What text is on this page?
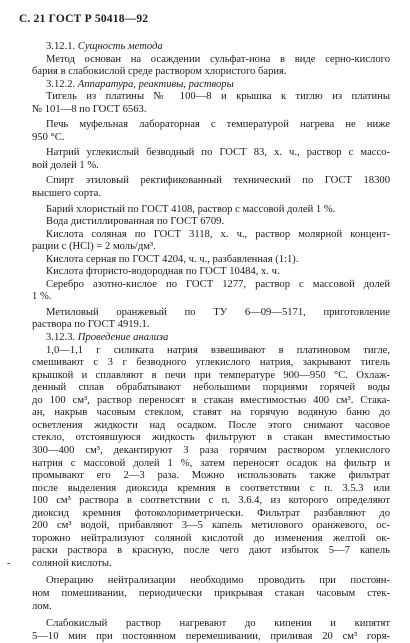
С. 21 ГОСТ Р 50418—92
3.12.1. Сущность метода
Метод основан на осаждении сульфат-иона в виде серно-кислого
бария в слабокислой среде раствором хлористого бария.
3.12.2. Аппаратура, реактивы, растворы
Тигель из платины № 100—8 и крышка к тиглю из платины
№ 101—8 по ГОСТ 6563.
Печь муфельная лабораторная с температурой нагрева не ниже
950 °С.
Натрий углекислый безводный по ГОСТ 83, х. ч., раствор с массо-
вой долей 1 %.
Спирт этиловый ректификованный технический по ГОСТ 18300
высшего сорта.
Барий хлористый по ГОСТ 4108, раствор с массовой долей 1 %.
Вода дистиллированная по ГОСТ 6709.
Кислота соляная по ГОСТ 3118, х. ч., раствор молярной концент-
рации с (HCl) = 2 моль/дм³.
Кислота серная по ГОСТ 4204, ч. ч., разбавленная (1:1).
Кислота фтористо-водородная по ГОСТ 10484, х. ч.
Серебро азотно-кислое по ГОСТ 1277, раствор с массовой долей
1 %.
Метиловый оранжевый по ТУ 6—09—5171, приготовление
раствора по ГОСТ 4919.1.
3.12.3. Проведение анализа
1,0—1,1 г силиката натрия взвешивают в платиновом тигле,
смешивают с 3 г безводного углекислого натрия, закрывают тигель
крышкой и сплавляют в печи при температуре 900—950 °С. Охлаж-
денный сплав обрабатывают небольшими порциями горячей воды
до 100 см³, раствор переносят в стакан вместимостью 400 см³. Стака-
ан, накрыв часовым стеклом, ставят на горячую водяную баню до
осветления жидкости над осадком. После этого снимают часовое
стекло, отстоявшуюся жидкость фильтруют в стакан вместимостью
300—400 см³, декантируют 3 раза горячим раствором углекислого
натрия с массовой долей 1 %, затем переносят осадок на фильтр и
промывают его 2—3 раза. Можно использовать также фильтрат
после выделения диоксида кремния в соответствии с п. 3.5.3 или
100 см³ раствора в соответствии с п. 3.6.4, из которого определяют
диоксид кремния фотоколориметрически. Фильтрат разбавляют до
200 см³ водой, прибавляют 3—5 капель метилового оранжевого, ос-
торожно нейтрализуют соляной кислотой до изменения желтой ок-
раски раствора в красную, после чего дают избыток 5—7 капель
- соляной кислоты.
Операцию нейтрализации необходимо проводить при постоян-
ном помешивании, периодически прикрывая стакан часовым стек-
лом.
Слабокислый раствор нагревают до кипения и кипятят
5—10 мин при постоянном перемешивании, приливая 20 см³ горя-
